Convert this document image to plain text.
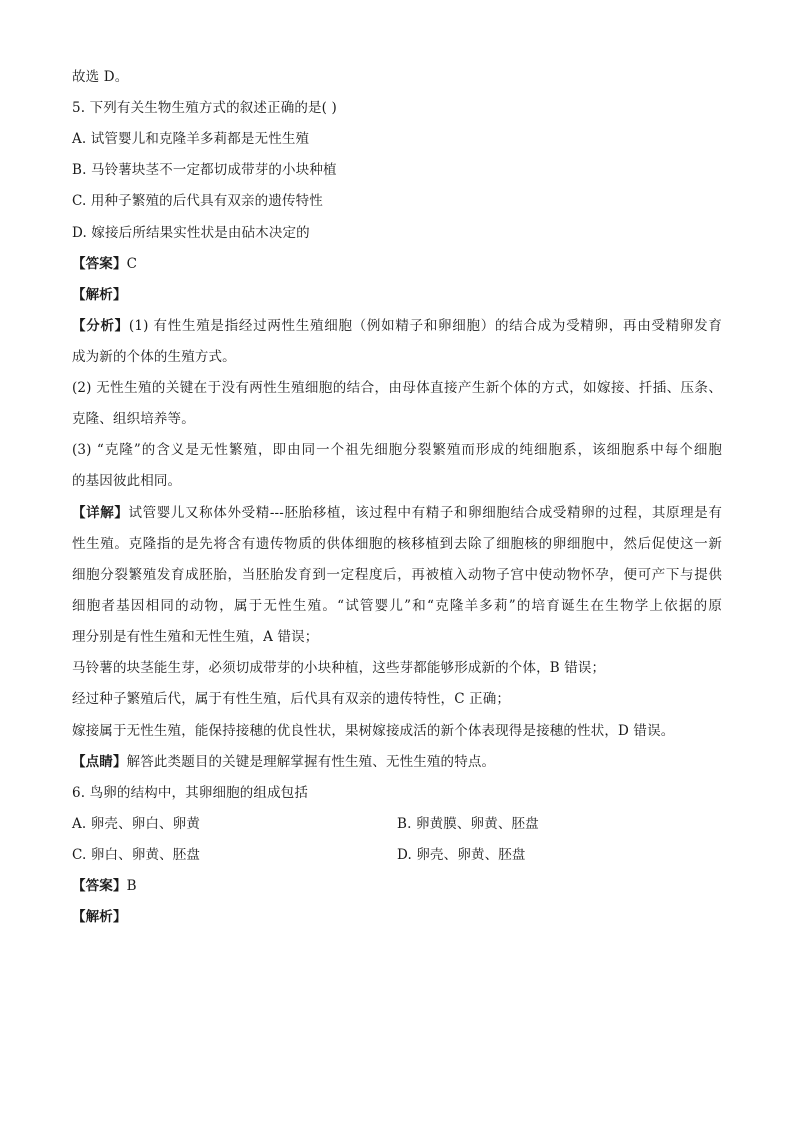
故选 D。
5. 下列有关生物生殖方式的叙述正确的是( )
A. 试管婴儿和克隆羊多莉都是无性生殖
B. 马铃薯块茎不一定都切成带芽的小块种植
C. 用种子繁殖的后代具有双亲的遗传特性
D. 嫁接后所结果实性状是由砧木决定的
【答案】C
【解析】
【分析】(1) 有性生殖是指经过两性生殖细胞（例如精子和卵细胞）的结合成为受精卵，再由受精卵发育
成为新的个体的生殖方式。
(2) 无性生殖的关键在于没有两性生殖细胞的结合，由母体直接产生新个体的方式，如嫁接、扦插、压条、
克隆、组织培养等。
(3) “克隆”的含义是无性繁殖，即由同一个祖先细胞分裂繁殖而形成的纯细胞系，该细胞系中每个细胞
的基因彼此相同。
【详解】试管婴儿又称体外受精---胚胎移植，该过程中有精子和卵细胞结合成受精卵的过程，其原理是有
性生殖。克隆指的是先将含有遗传物质的供体细胞的核移植到去除了细胞核的卵细胞中，然后促使这一新
细胞分裂繁殖发育成胚胎，当胚胎发育到一定程度后，再被植入动物子宫中使动物怀孕，便可产下与提供
细胞者基因相同的动物，属于无性生殖。“试管婴儿”和“克隆羊多莉”的培育诞生在生物学上依据的原
理分别是有性生殖和无性生殖，A 错误；
马铃薯的块茎能生芽，必须切成带芽的小块种植，这些芽都能够形成新的个体，B 错误；
经过种子繁殖后代，属于有性生殖，后代具有双亲的遗传特性，C 正确；
嫁接属于无性生殖，能保持接穗的优良性状，果树嫁接成活的新个体表现得是接穗的性状，D 错误。
【点睛】解答此类题目的关键是理解掌握有性生殖、无性生殖的特点。
6. 鸟卵的结构中，其卵细胞的组成包括
A. 卵壳、卵白、卵黄	B. 卵黄膜、卵黄、胚盘
C. 卵白、卵黄、胚盘	D. 卵壳、卵黄、胚盘
【答案】B
【解析】
